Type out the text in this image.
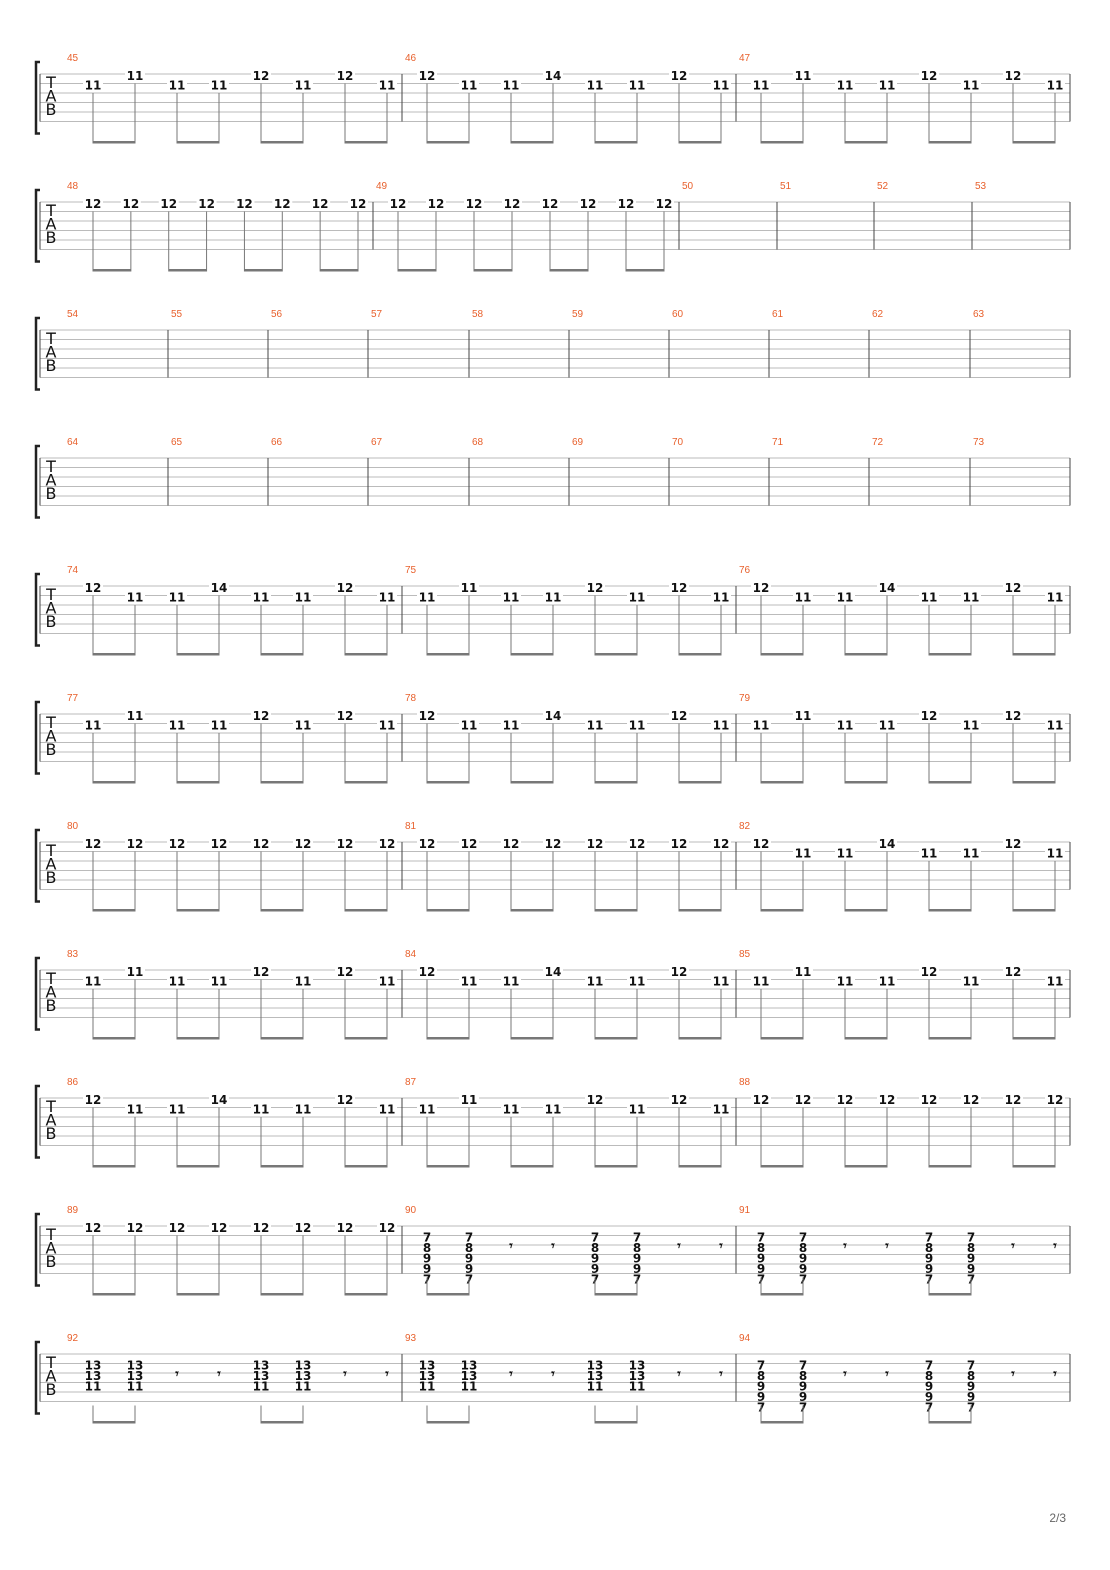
T
A
B
45
11
11
11 11
12
11
12
11
46
12
11 11
14
11 11
12
11
47
11
11
11 11
12
11
12
11
T
A
B
48
12 12 12 12 12 12 12 12
49
12 12 12 12 12 12 12 12
50	51	52	53
T
A
B
54	55	56	57	58	59	60	61	62	63
T
A
B
64	65	66	67	68	69	70	71	72	73
T
A
B
74
12
11 11
14
11 11
12
11
75
11
11
11 11
12
11
12
11
76
12
11 11
14
11 11
12
11
T
A
B
77
11
11
11 11
12
11
12
11
78
12
11 11
14
11 11
12
11
79
11
11
11 11
12
11
12
11
T
A
B
80
12 12 12 12 12 12 12 12
81
12 12 12 12 12 12 12 12
82
12
11 11
14
11 11
12
11
T
A
B
83
11
11
11 11
12
11
12
11
84
12
11 11
14
11 11
12
11
85
11
11
11 11
12
11
12
11
T
A
B
86
12
11 11
14
11 11
12
11
87
11
11
11 11
12
11
12
11
88
12 12 12 12 12 12 12 12
T
A
B
89
12 12 12 12 12 12 12 12
90
7
8
9
9
7
7
8
9
9
7
𝄾	𝄾
7
8
9
9
7
7
8
9
9
7
𝄾	𝄾
91
7
8
9
9
7
7
8
9
9
7
𝄾	𝄾
7
8
9
9
7
7
8
9
9
7
𝄾	𝄾
T
A
B
92
13
13
11
13
13
11
𝄾	𝄾
13
13
11
13
13
11
𝄾	𝄾
93
13
13
11
13
13
11
𝄾	𝄾
13
13
11
13
13
11
𝄾	𝄾
94
7
8
9
9
7
7
8
9
9
7
𝄾	𝄾
7
8
9
9
7
7
8
9
9
7
𝄾	𝄾
2/3
